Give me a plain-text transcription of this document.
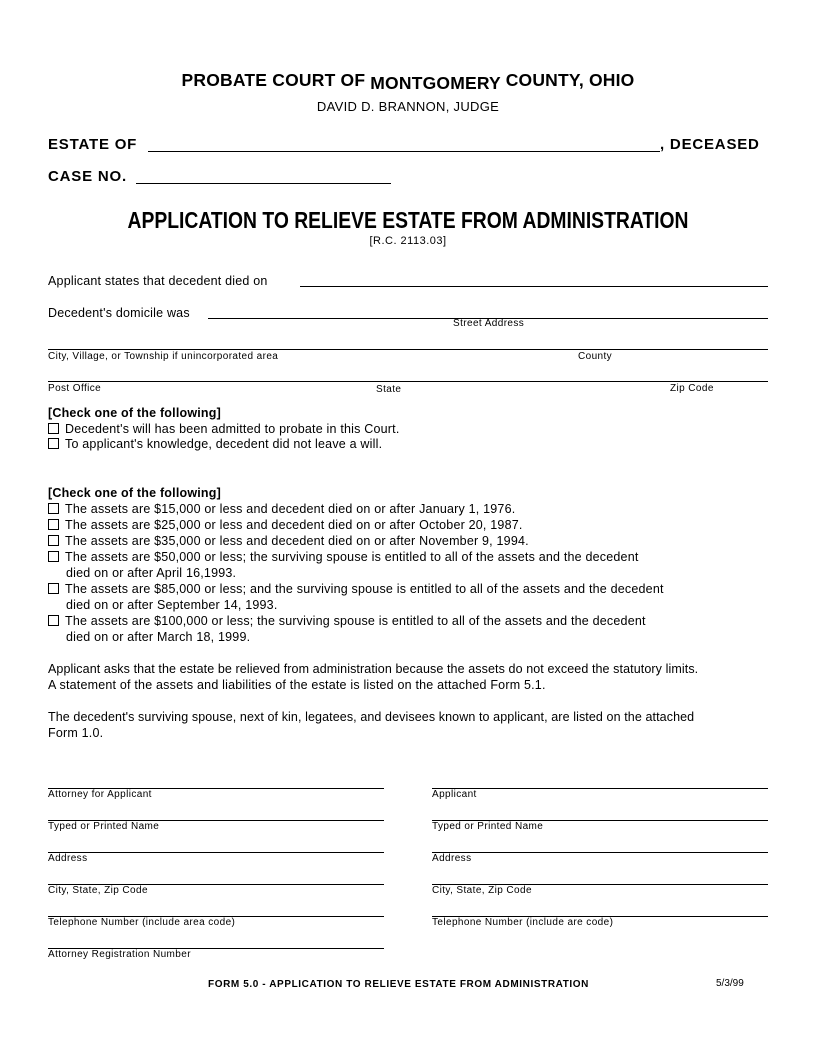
PROBATE COURT OF MONTGOMERY COUNTY, OHIO
DAVID D. BRANNON, JUDGE
ESTATE OF	, DECEASED
CASE NO.
APPLICATION TO RELIEVE ESTATE FROM ADMINISTRATION
[R.C. 2113.03]
Applicant states that decedent died on
Decedent's domicile was
Street Address
City, Village, or Township if unincorporated area	County
Post Office	State	Zip Code
[Check one of the following]
Decedent's will has been admitted to probate in this Court.
To applicant's knowledge, decedent did not leave a will.
[Check one of the following]
The assets are $15,000 or less and decedent died on or after January 1, 1976.
The assets are $25,000 or less and decedent died on or after October 20, 1987.
The assets are $35,000 or less and decedent died on or after November 9, 1994.
The assets are $50,000 or less; the surviving spouse is entitled to all of the assets and the decedent
died on or after April 16,1993.
The assets are $85,000 or less; and the surviving spouse is entitled to all of the assets and the decedent
died on or after September 14, 1993.
The assets are $100,000 or less; the surviving spouse is entitled to all of the assets and the decedent
died on or after March 18, 1999.
Applicant asks that the estate be relieved from administration because the assets do not exceed the statutory limits.
A statement of the assets and liabilities of the estate is listed on the attached Form 5.1.
The decedent's surviving spouse, next of kin, legatees, and devisees known to applicant, are listed on the attached
Form 1.0.
Attorney for Applicant
Typed or Printed Name
Address
City, State, Zip Code
Telephone Number (include area code)
Attorney Registration Number
Applicant
Typed or Printed Name
Address
City, State, Zip Code
Telephone Number (include are code)
FORM 5.0 - APPLICATION TO RELIEVE ESTATE FROM ADMINISTRATION	5/3/99
